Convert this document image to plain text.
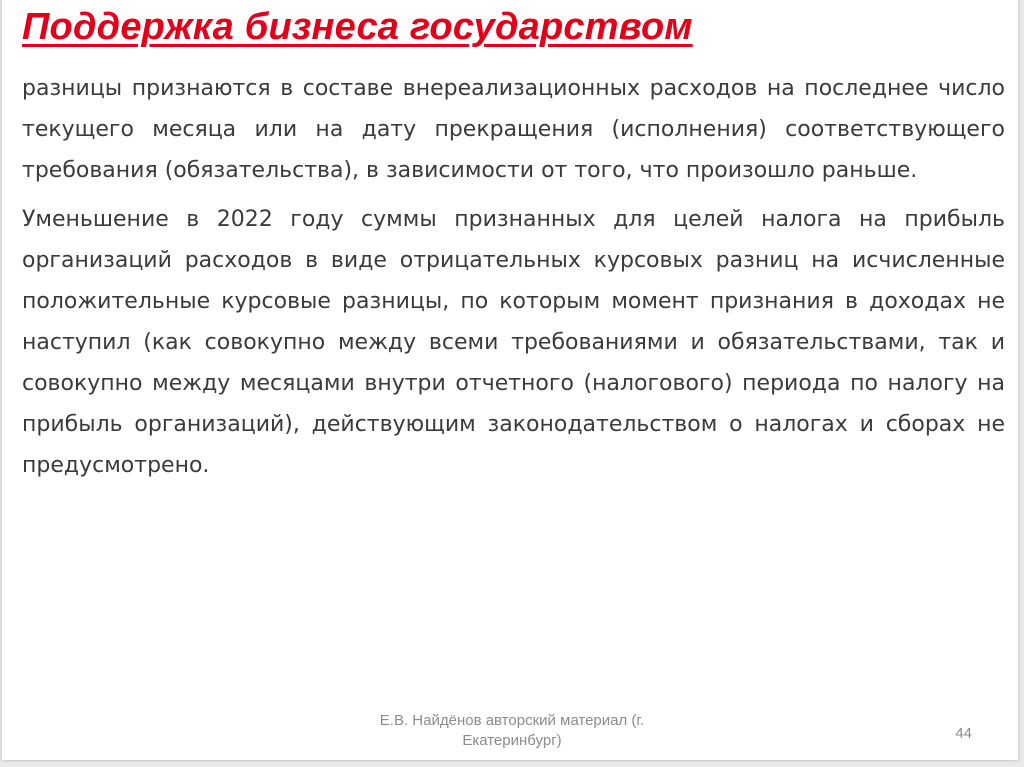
Поддержка бизнеса государством

разницы признаются в составе внереализационных расходов на последнее число текущего месяца или на дату прекращения (исполнения) соответствующего требования (обязательства), в зависимости от того, что произошло раньше.

Уменьшение в 2022 году суммы признанных для целей налога на прибыль организаций расходов в виде отрицательных курсовых разниц на исчисленные положительные курсовые разницы, по которым момент признания в доходах не наступил (как совокупно между всеми требованиями и обязательствами, так и совокупно между месяцами внутри отчетного (налогового) периода по налогу на прибыль организаций), действующим законодательством о налогах и сборах не предусмотрено.

Е.В. Найдёнов авторский материал (г.
Екатеринбург)	44
